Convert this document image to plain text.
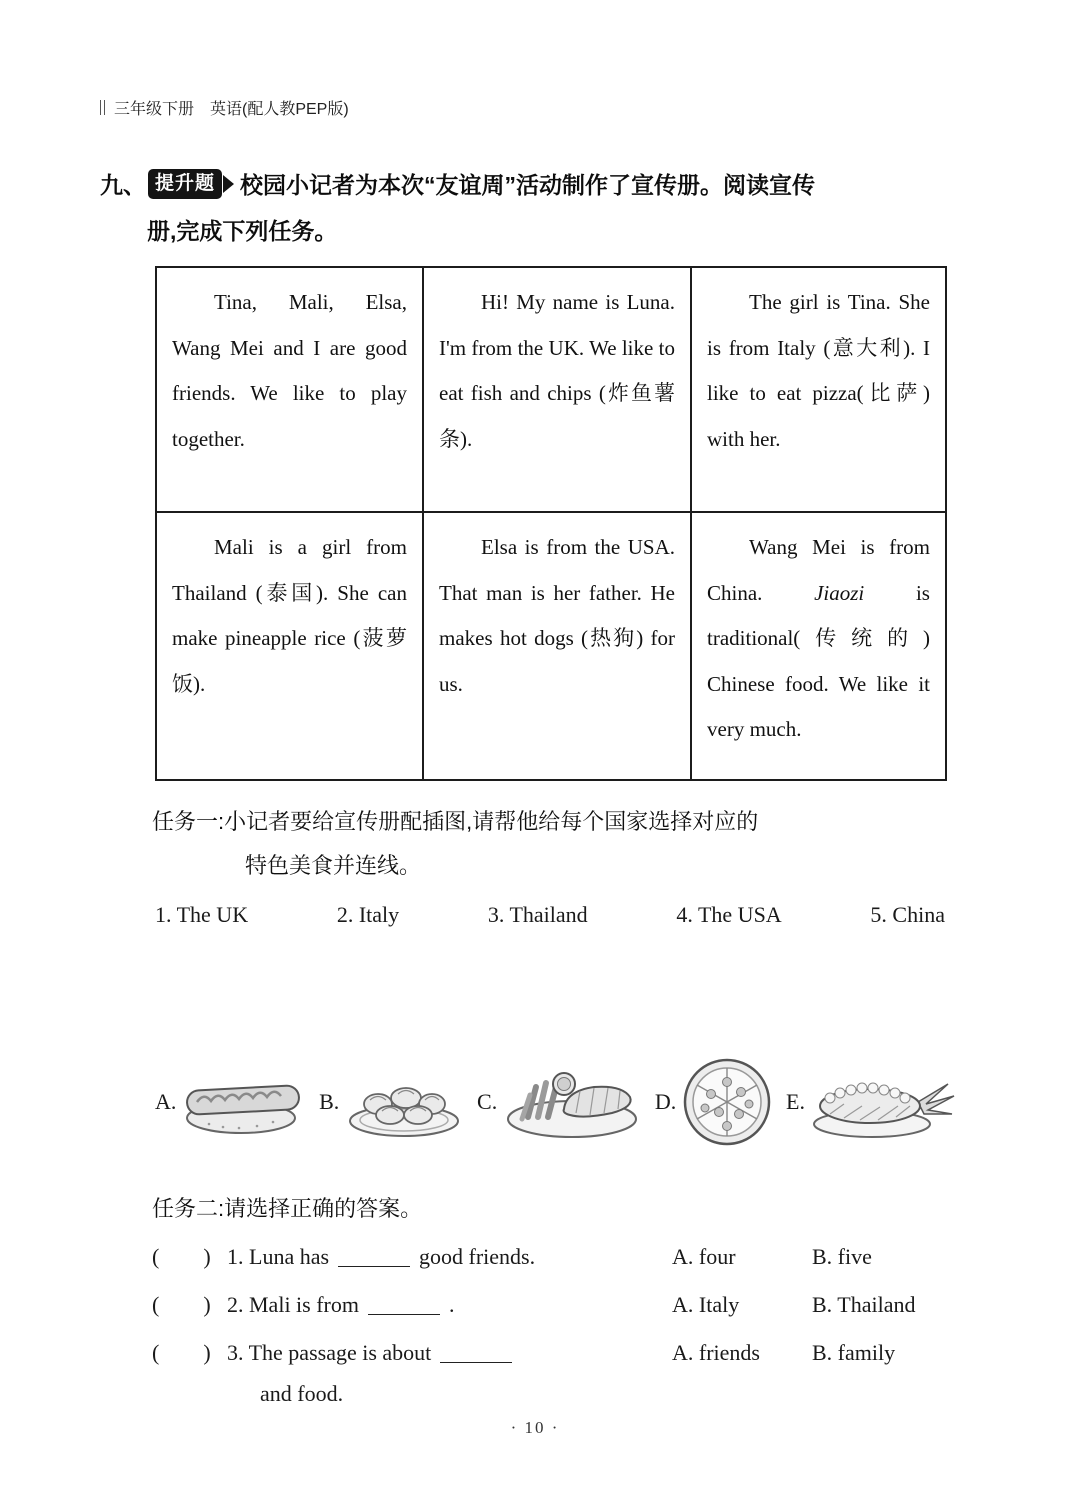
三年级下册　英语(配人教PEP版)
九、 提升题	校园小记者为本次“友谊周”活动制作了宣传册。阅读宣传
册,完成下列任务。

Tina, Mali, Elsa, Wang Mei and I are good friends. We like to play together.	Hi! My name is Luna. I'm from the UK. We like to eat fish and chips (炸鱼薯条).	The girl is Tina. She is from Italy (意大利). I like to eat pizza(比萨) with her.

Mali is a girl from Thailand (泰国). She can make pineapple rice (菠萝饭).	Elsa is from the USA. That man is her father. He makes hot dogs (热狗) for us.	Wang Mei is from China. Jiaozi is traditional(传统的) Chinese food. We like it very much.

任务一:小记者要给宣传册配插图,请帮他给每个国家选择对应的
特色美食并连线。
1. The UK	2. Italy	3. Thailand	4. The USA	5. China
A.	B.	C.	D.	E.
任务二:请选择正确的答案。
(　　) 1. Luna has	good friends.	A. four	B. five
(　　) 2. Mali is from	.	A. Italy	B. Thailand
(　　) 3. The passage is about	A. friends	B. family
and food.
· 10 ·
